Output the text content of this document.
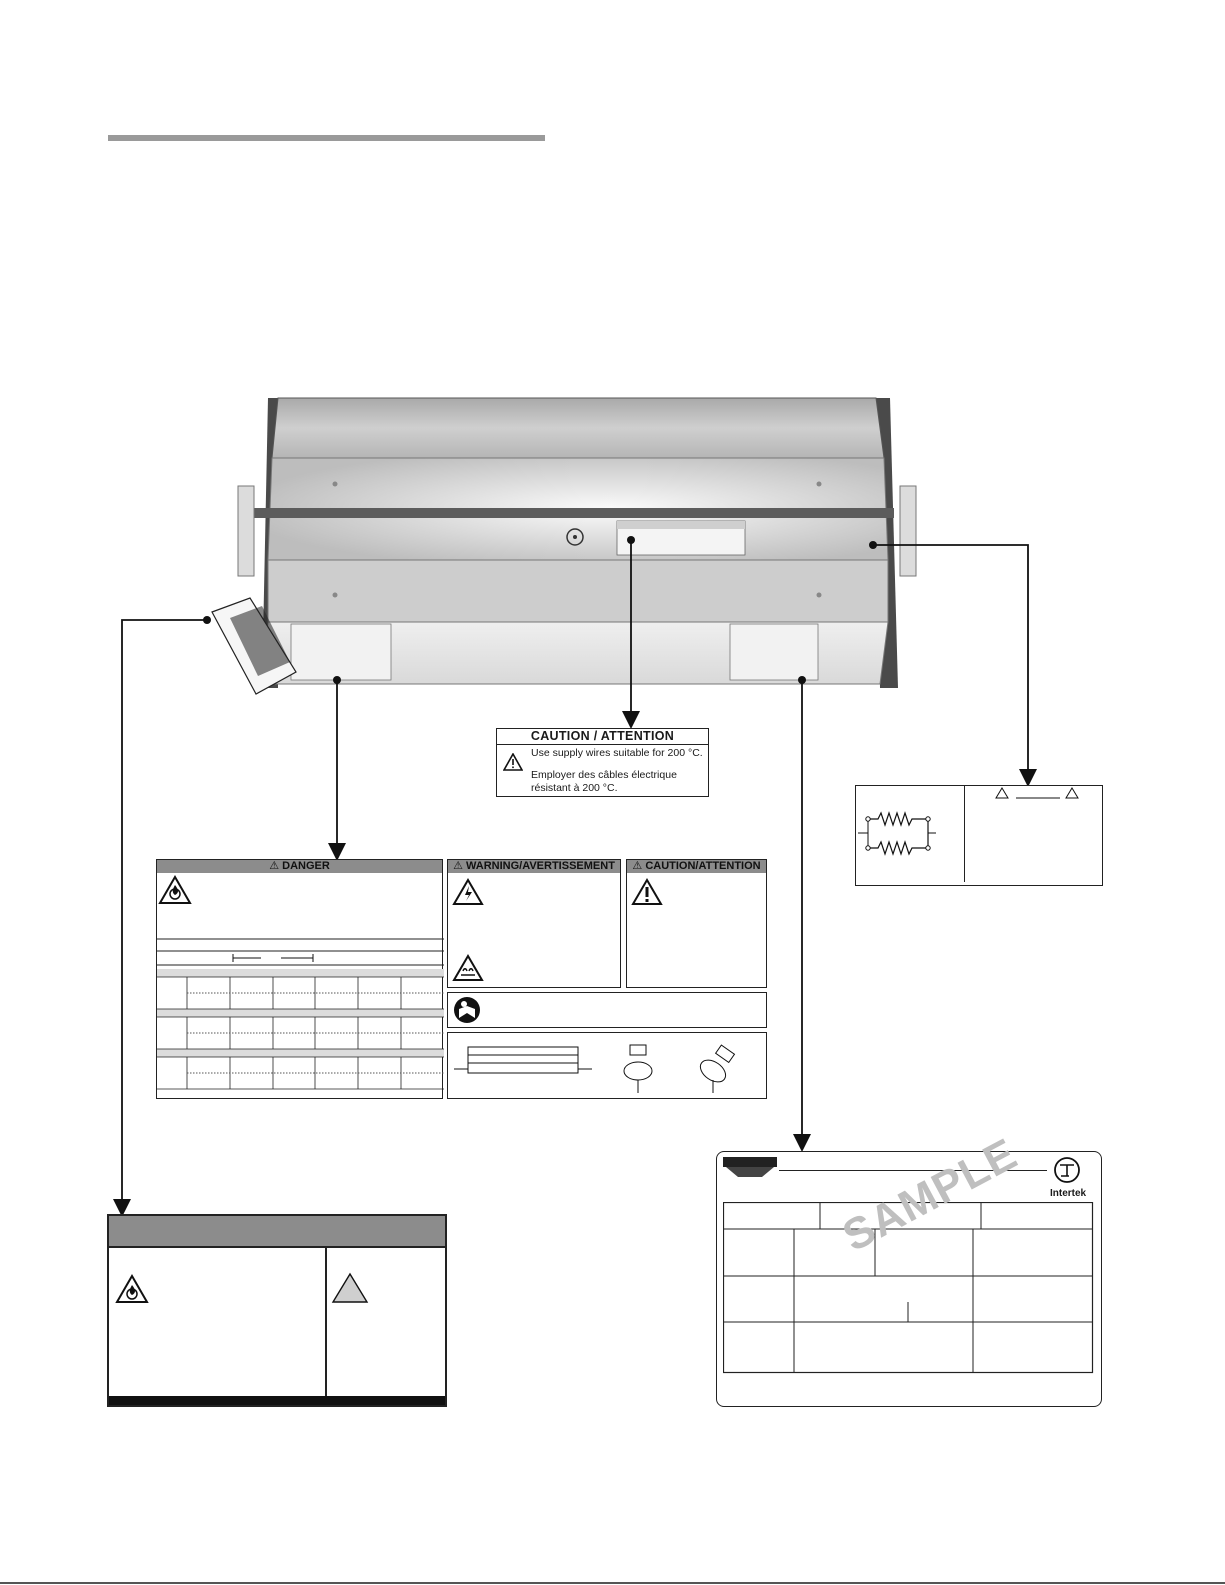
CAUTION / ATTENTION
Use supply wires suitable for 200 °C.
Employer des câbles électrique
résistant à 200 °C.
⚠ DANGER	⚠ WARNING/AVERTISSEMENT	⚠ CAUTION/ATTENTION
Intertek
SAMPLE
